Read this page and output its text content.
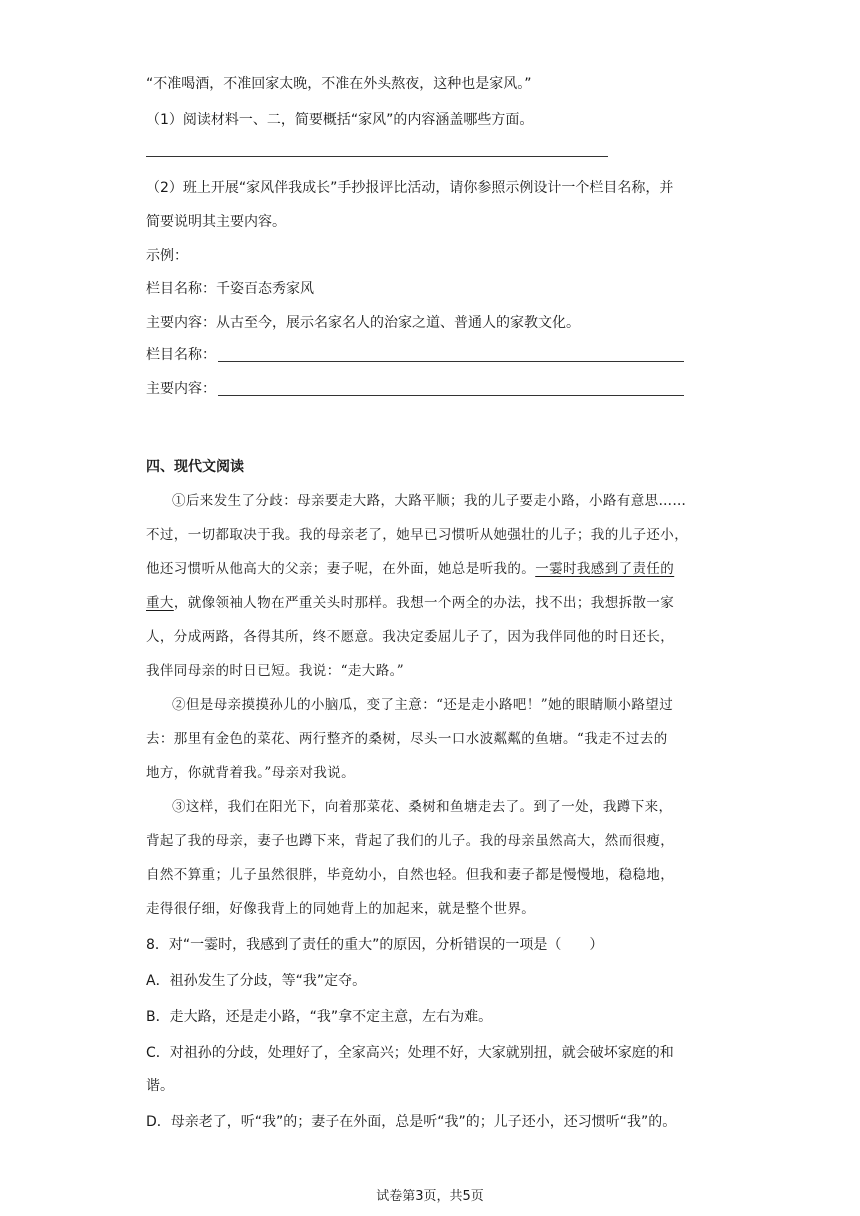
“不准喝酒，不准回家太晚，不准在外头熬夜，这种也是家风。”
（1）阅读材料一、二，简要概括“家风”的内容涵盖哪些方面。
（2）班上开展“家风伴我成长”手抄报评比活动，请你参照示例设计一个栏目名称，并
简要说明其主要内容。
示例：
栏目名称：千姿百态秀家风
主要内容：从古至今，展示名家名人的治家之道、普通人的家教文化。
栏目名称：
主要内容：
四、现代文阅读
①后来发生了分歧：母亲要走大路，大路平顺；我的儿子要走小路，小路有意思……
不过，一切都取决于我。我的母亲老了，她早已习惯听从她强壮的儿子；我的儿子还小，
他还习惯听从他高大的父亲；妻子呢，在外面，她总是听我的。一霎时我感到了责任的
重大，就像领袖人物在严重关头时那样。我想一个两全的办法，找不出；我想拆散一家
人，分成两路，各得其所，终不愿意。我决定委屈儿子了，因为我伴同他的时日还长，
我伴同母亲的时日已短。我说：“走大路。”
②但是母亲摸摸孙儿的小脑瓜，变了主意：“还是走小路吧！”她的眼睛顺小路望过
去：那里有金色的菜花、两行整齐的桑树，尽头一口水波粼粼的鱼塘。“我走不过去的
地方，你就背着我。”母亲对我说。
③这样，我们在阳光下，向着那菜花、桑树和鱼塘走去了。到了一处，我蹲下来，
背起了我的母亲，妻子也蹲下来，背起了我们的儿子。我的母亲虽然高大，然而很瘦，
自然不算重；儿子虽然很胖，毕竟幼小，自然也轻。但我和妻子都是慢慢地，稳稳地，
走得很仔细，好像我背上的同她背上的加起来，就是整个世界。
8．对“一霎时，我感到了责任的重大”的原因，分析错误的一项是（　　）
A．祖孙发生了分歧，等“我”定夺。
B．走大路，还是走小路，“我”拿不定主意，左右为难。
C．对祖孙的分歧，处理好了，全家高兴；处理不好，大家就别扭，就会破坏家庭的和
谐。
D．母亲老了，听“我”的；妻子在外面，总是听“我”的；儿子还小，还习惯听“我”的。
试卷第3页，共5页
